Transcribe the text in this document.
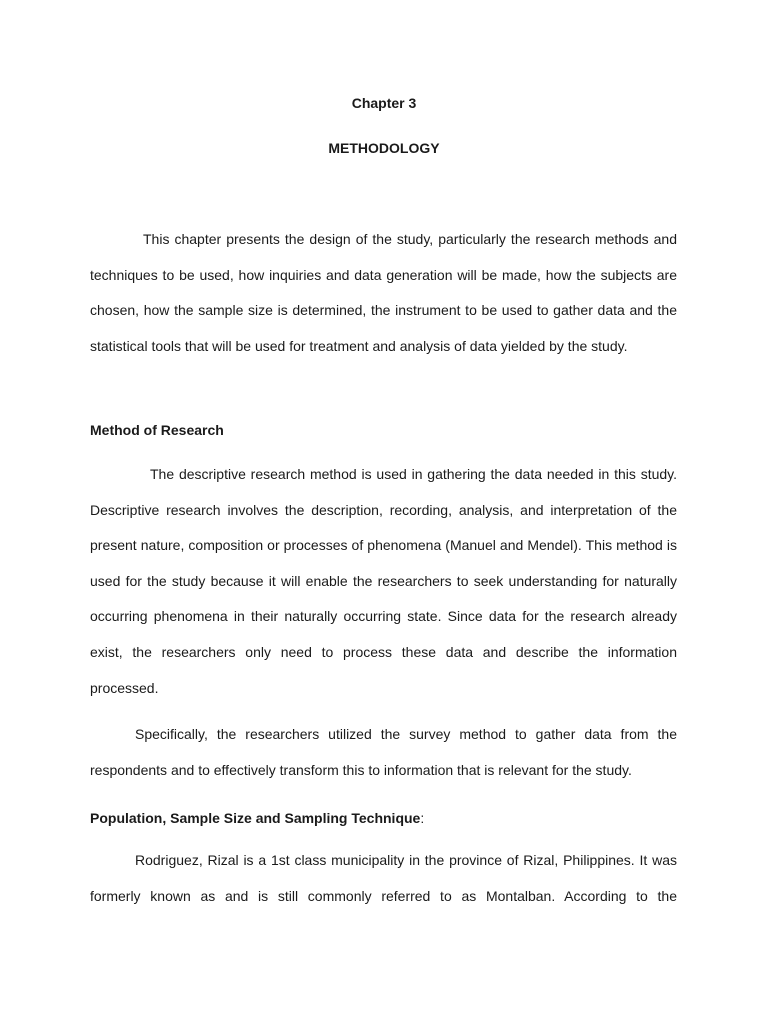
Chapter 3
METHODOLOGY

This chapter presents the design of the study, particularly the research methods and techniques to be used, how inquiries and data generation will be made, how the subjects are chosen, how the sample size is determined, the instrument to be used to gather data and the statistical tools that will be used for treatment and analysis of data yielded by the study.

Method of Research

The descriptive research method is used in gathering the data needed in this study. Descriptive research involves the description, recording, analysis, and interpretation of the present nature, composition or processes of phenomena (Manuel and Mendel). This method is used for the study because it will enable the researchers to seek understanding for naturally occurring phenomena in their naturally occurring state. Since data for the research already exist, the researchers only need to process these data and describe the information processed.

Specifically, the researchers utilized the survey method to gather data from the respondents and to effectively transform this to information that is relevant for the study.

Population, Sample Size and Sampling Technique:

Rodriguez, Rizal is a 1st class municipality in the province of Rizal, Philippines. It was formerly known as and is still commonly referred to as Montalban. According to the
